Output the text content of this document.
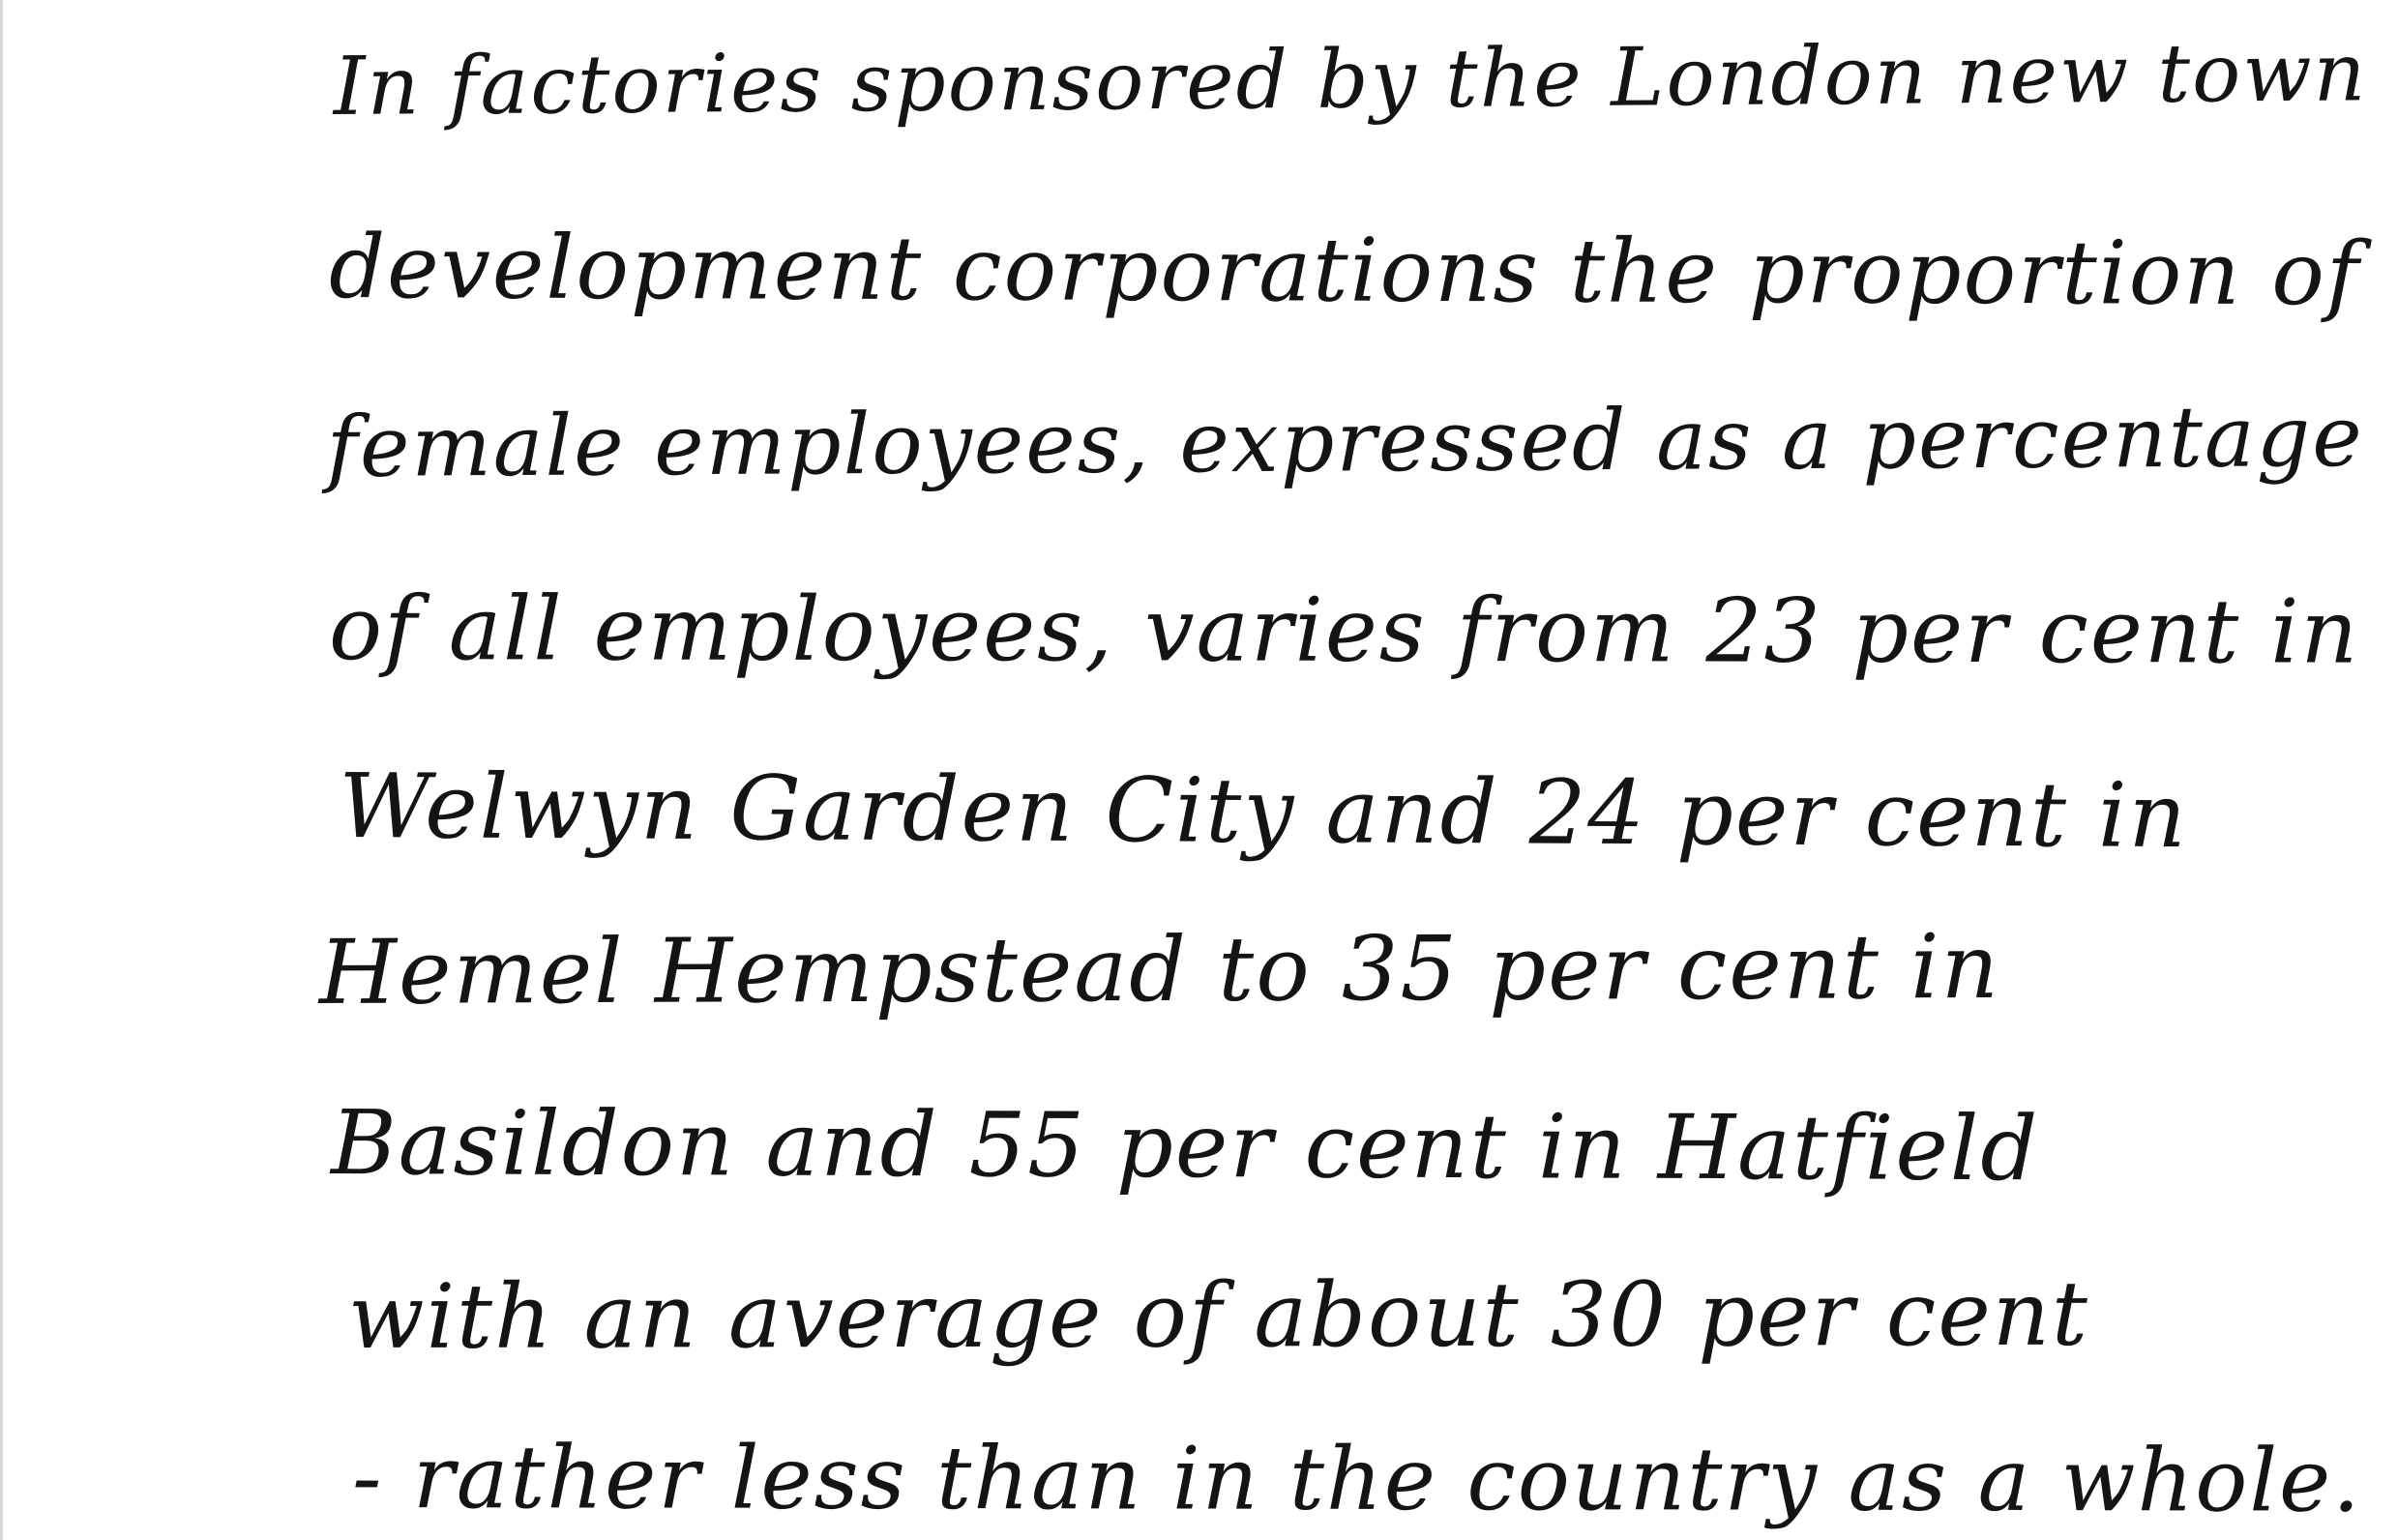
In factories sponsored by the London new town
development corporations the proportion of
female employees, expressed as a percentage
of all employees, varies from 23 per cent in
Welwyn Garden City and 24 per cent in
Hemel Hempstead to 35 per cent in
Basildon and 55 per cent in Hatfield
with an average of about 30 per cent
- rather less than in the country as a whole.
